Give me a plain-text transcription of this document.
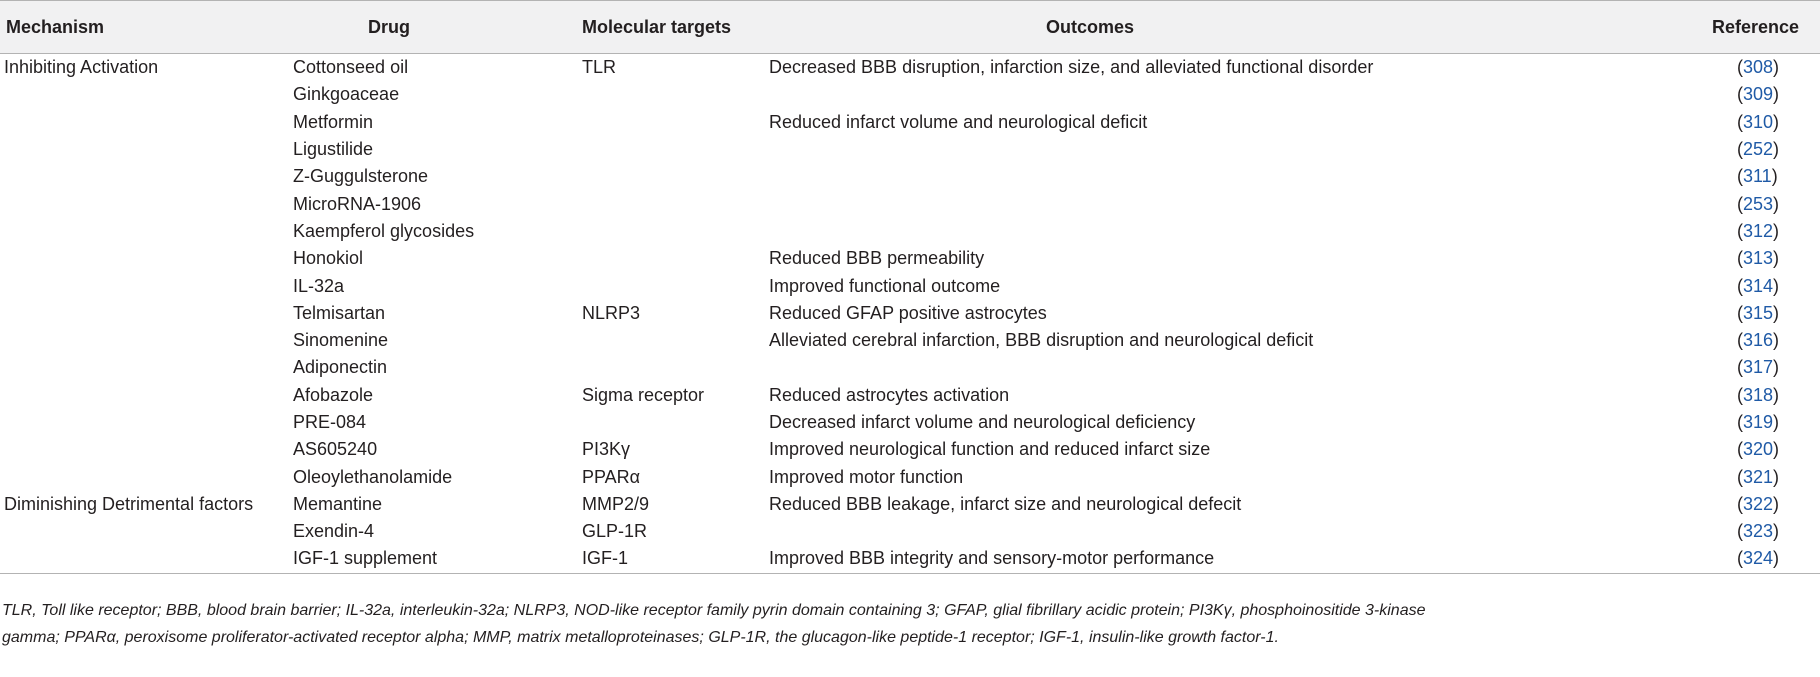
Mechanism	Drug	Molecular targets	Outcomes	Reference
Inhibiting Activation	Cottonseed oil	TLR	Decreased BBB disruption, infarction size, and alleviated functional disorder	(308)
	Ginkgoaceae			(309)
	Metformin		Reduced infarct volume and neurological deficit	(310)
	Ligustilide			(252)
	Z-Guggulsterone			(311)
	MicroRNA-1906			(253)
	Kaempferol glycosides			(312)
	Honokiol		Reduced BBB permeability	(313)
	IL-32a		Improved functional outcome	(314)
	Telmisartan	NLRP3	Reduced GFAP positive astrocytes	(315)
	Sinomenine		Alleviated cerebral infarction, BBB disruption and neurological deficit	(316)
	Adiponectin			(317)
	Afobazole	Sigma receptor	Reduced astrocytes activation	(318)
	PRE-084		Decreased infarct volume and neurological deficiency	(319)
	AS605240	PI3Kγ	Improved neurological function and reduced infarct size	(320)
	Oleoylethanolamide	PPARα	Improved motor function	(321)
Diminishing Detrimental factors	Memantine	MMP2/9	Reduced BBB leakage, infarct size and neurological defecit	(322)
	Exendin-4	GLP-1R		(323)
	IGF-1 supplement	IGF-1	Improved BBB integrity and sensory-motor performance	(324)
TLR, Toll like receptor; BBB, blood brain barrier; IL-32a, interleukin-32a; NLRP3, NOD-like receptor family pyrin domain containing 3; GFAP, glial fibrillary acidic protein; PI3Kγ, phosphoinositide 3-kinase gamma; PPARα, peroxisome proliferator-activated receptor alpha; MMP, matrix metalloproteinases; GLP-1R, the glucagon-like peptide-1 receptor; IGF-1, insulin-like growth factor-1.
